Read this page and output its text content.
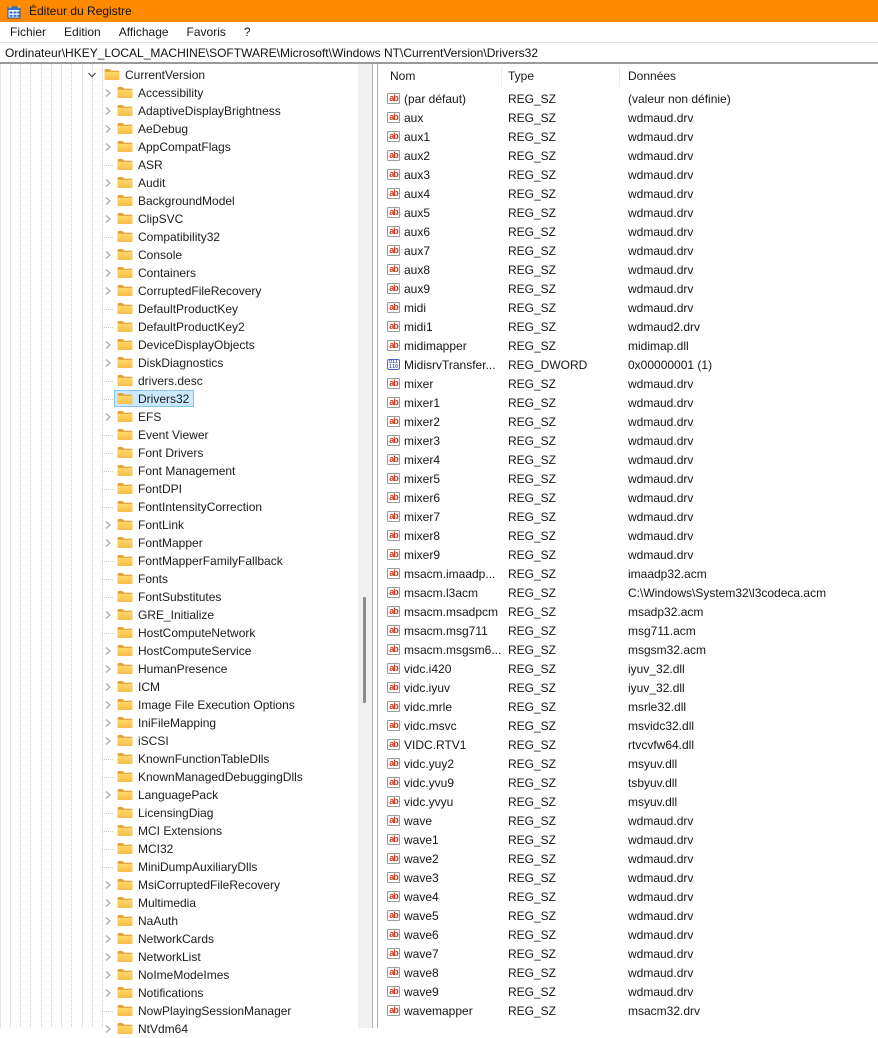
Éditeur du Registre
Fichier	Edition	Affichage	Favoris	?
Ordinateur\HKEY_LOCAL_MACHINE\SOFTWARE\Microsoft\Windows NT\CurrentVersion\Drivers32
CurrentVersion
Accessibility
AdaptiveDisplayBrightness
AeDebug
AppCompatFlags
ASR
Audit
BackgroundModel
ClipSVC
Compatibility32
Console
Containers
CorruptedFileRecovery
DefaultProductKey
DefaultProductKey2
DeviceDisplayObjects
DiskDiagnostics
drivers.desc
Drivers32
EFS
Event Viewer
Font Drivers
Font Management
FontDPI
FontIntensityCorrection
FontLink
FontMapper
FontMapperFamilyFallback
Fonts
FontSubstitutes
GRE_Initialize
HostComputeNetwork
HostComputeService
HumanPresence
ICM
Image File Execution Options
IniFileMapping
iSCSI
KnownFunctionTableDlls
KnownManagedDebuggingDlls
LanguagePack
LicensingDiag
MCI Extensions
MCI32
MiniDumpAuxiliaryDlls
MsiCorruptedFileRecovery
Multimedia
NaAuth
NetworkCards
NetworkList
NoImeModeImes
Notifications
NowPlayingSessionManager
NtVdm64
Nom	Type	Données
ab (par défaut)	REG_SZ	(valeur non définie)
ab aux	REG_SZ	wdmaud.drv
ab aux1	REG_SZ	wdmaud.drv
ab aux2	REG_SZ	wdmaud.drv
ab aux3	REG_SZ	wdmaud.drv
ab aux4	REG_SZ	wdmaud.drv
ab aux5	REG_SZ	wdmaud.drv
ab aux6	REG_SZ	wdmaud.drv
ab aux7	REG_SZ	wdmaud.drv
ab aux8	REG_SZ	wdmaud.drv
ab aux9	REG_SZ	wdmaud.drv
ab midi	REG_SZ	wdmaud.drv
ab midi1	REG_SZ	wdmaud2.drv
ab midimapper	REG_SZ	midimap.dll
011
110 MidisrvTransfer... REG_DWORD	0x00000001 (1)
ab mixer	REG_SZ	wdmaud.drv
ab mixer1	REG_SZ	wdmaud.drv
ab mixer2	REG_SZ	wdmaud.drv
ab mixer3	REG_SZ	wdmaud.drv
ab mixer4	REG_SZ	wdmaud.drv
ab mixer5	REG_SZ	wdmaud.drv
ab mixer6	REG_SZ	wdmaud.drv
ab mixer7	REG_SZ	wdmaud.drv
ab mixer8	REG_SZ	wdmaud.drv
ab mixer9	REG_SZ	wdmaud.drv
ab msacm.imaadp... REG_SZ	imaadp32.acm
ab msacm.l3acm REG_SZ	C:\Windows\System32\l3codeca.acm
ab msacm.msadpcm REG_SZ	msadp32.acm
ab msacm.msg711 REG_SZ	msg711.acm
ab msacm.msgsm6... REG_SZ	msgsm32.acm
ab vidc.i420	REG_SZ	iyuv_32.dll
ab vidc.iyuv	REG_SZ	iyuv_32.dll
ab vidc.mrle	REG_SZ	msrle32.dll
ab vidc.msvc	REG_SZ	msvidc32.dll
ab VIDC.RTV1	REG_SZ	rtvcvfw64.dll
ab vidc.yuy2	REG_SZ	msyuv.dll
ab vidc.yvu9	REG_SZ	tsbyuv.dll
ab vidc.yvyu	REG_SZ	msyuv.dll
ab wave	REG_SZ	wdmaud.drv
ab wave1	REG_SZ	wdmaud.drv
ab wave2	REG_SZ	wdmaud.drv
ab wave3	REG_SZ	wdmaud.drv
ab wave4	REG_SZ	wdmaud.drv
ab wave5	REG_SZ	wdmaud.drv
ab wave6	REG_SZ	wdmaud.drv
ab wave7	REG_SZ	wdmaud.drv
ab wave8	REG_SZ	wdmaud.drv
ab wave9	REG_SZ	wdmaud.drv
ab wavemapper	REG_SZ	msacm32.drv
